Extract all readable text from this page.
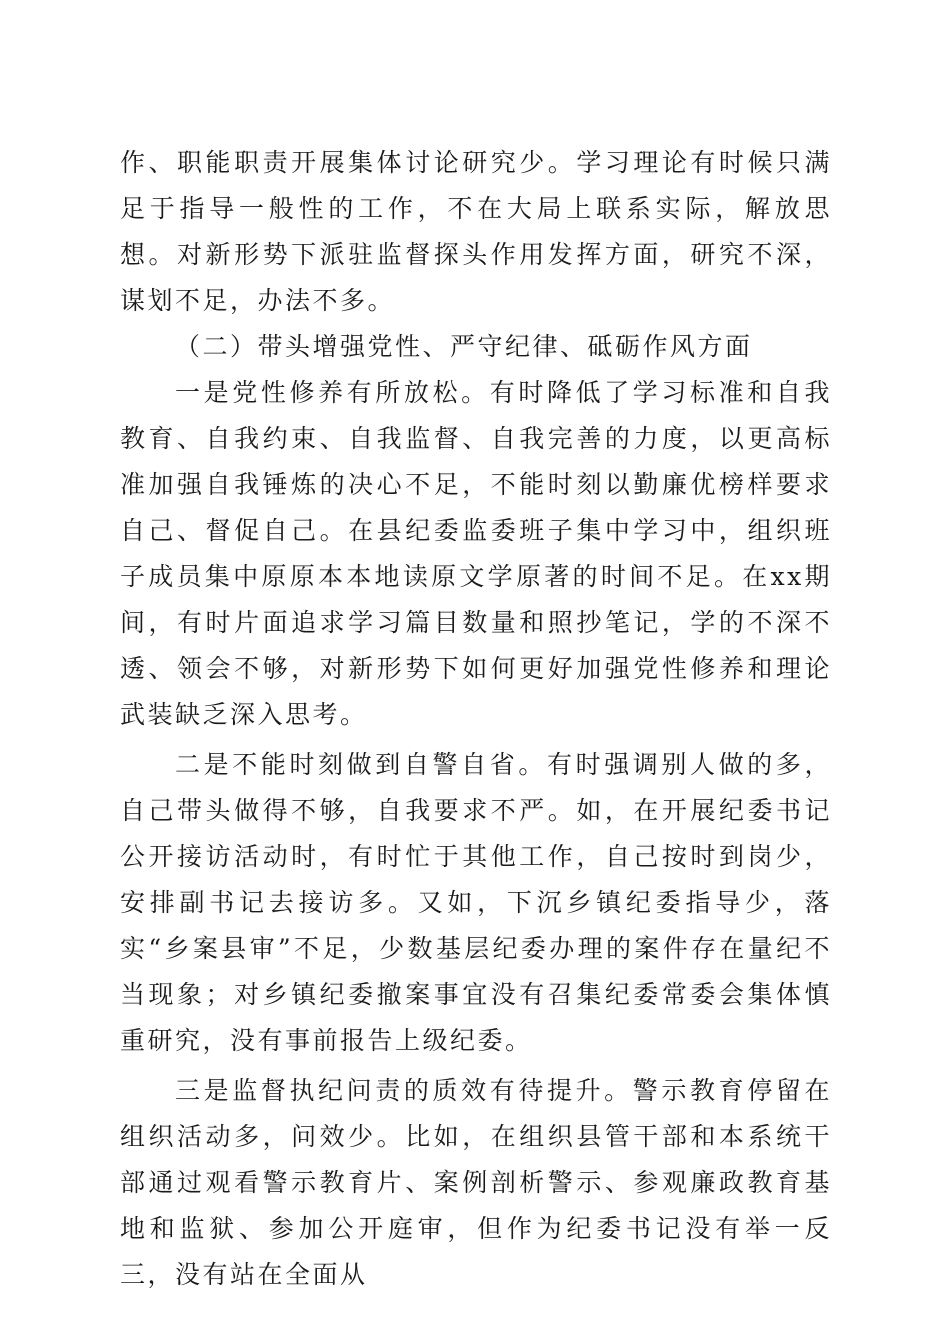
作、职能职责开展集体讨论研究少。学习理论有时候只满足于指导一般性的工作，不在大局上联系实际，解放思想。对新形势下派驻监督探头作用发挥方面，研究不深，谋划不足，办法不多。

（二）带头增强党性、严守纪律、砥砺作风方面

一是党性修养有所放松。有时降低了学习标准和自我教育、自我约束、自我监督、自我完善的力度，以更高标准加强自我锤炼的决心不足，不能时刻以勤廉优榜样要求自己、督促自己。在县纪委监委班子集中学习中，组织班子成员集中原原本本地读原文学原著的时间不足。在xx期间，有时片面追求学习篇目数量和照抄笔记，学的不深不透、领会不够，对新形势下如何更好加强党性修养和理论武装缺乏深入思考。

二是不能时刻做到自警自省。有时强调别人做的多，自己带头做得不够，自我要求不严。如，在开展纪委书记公开接访活动时，有时忙于其他工作，自己按时到岗少，安排副书记去接访多。又如，下沉乡镇纪委指导少，落实“乡案县审”不足，少数基层纪委办理的案件存在量纪不当现象；对乡镇纪委撤案事宜没有召集纪委常委会集体慎重研究，没有事前报告上级纪委。

三是监督执纪问责的质效有待提升。警示教育停留在组织活动多，问效少。比如，在组织县管干部和本系统干部通过观看警示教育片、案例剖析警示、参观廉政教育基地和监狱、参加公开庭审，但作为纪委书记没有举一反三，没有站在全面从
